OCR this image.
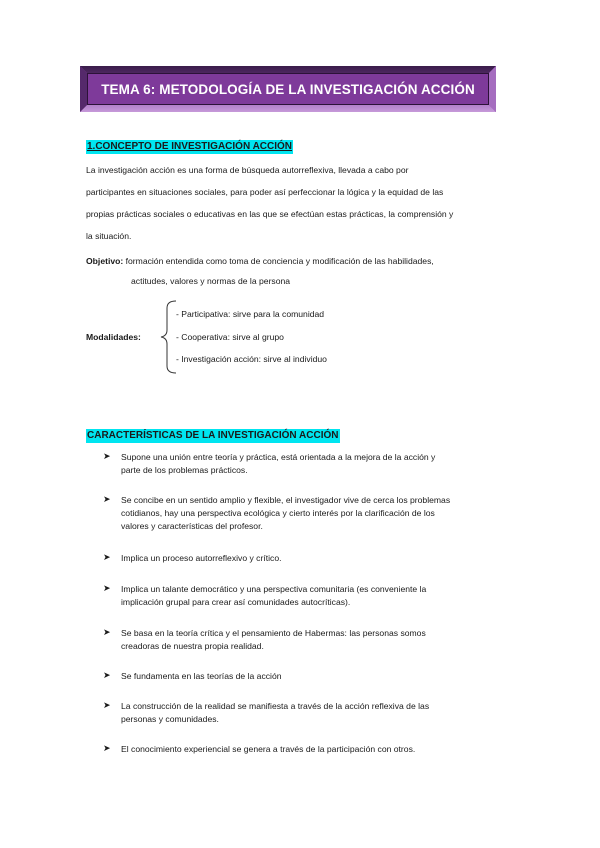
TEMA 6: METODOLOGÍA DE LA INVESTIGACIÓN ACCIÓN
1.CONCEPTO DE INVESTIGACIÓN ACCIÓN
La investigación acción es una forma de búsqueda autorreflexiva, llevada a cabo por
participantes en situaciones sociales, para poder así perfeccionar la lógica y la equidad de las
propias prácticas sociales o educativas en las que se efectúan estas prácticas, la comprensión y
la situación.
Objetivo: formación entendida como toma de conciencia y modificación de las habilidades,
actitudes, valores y normas de la persona
Modalidades:
- Participativa: sirve para la comunidad
- Cooperativa: sirve al grupo
- Investigación acción: sirve al individuo
CARACTERÍSTICAS DE LA INVESTIGACIÓN ACCIÓN
➤ Supone una unión entre teoría y práctica, está orientada a la mejora de la acción y
parte de los problemas prácticos.
➤ Se concibe en un sentido amplio y flexible, el investigador vive de cerca los problemas
cotidianos, hay una perspectiva ecológica y cierto interés por la clarificación de los
valores y características del profesor.
➤ Implica un proceso autorreflexivo y crítico.
➤ Implica un talante democrático y una perspectiva comunitaria (es conveniente la
implicación grupal para crear así comunidades autocríticas).
➤ Se basa en la teoría crítica y el pensamiento de Habermas: las personas somos
creadoras de nuestra propia realidad.
➤ Se fundamenta en las teorías de la acción
➤ La construcción de la realidad se manifiesta a través de la acción reflexiva de las
personas y comunidades.
➤ El conocimiento experiencial se genera a través de la participación con otros.
